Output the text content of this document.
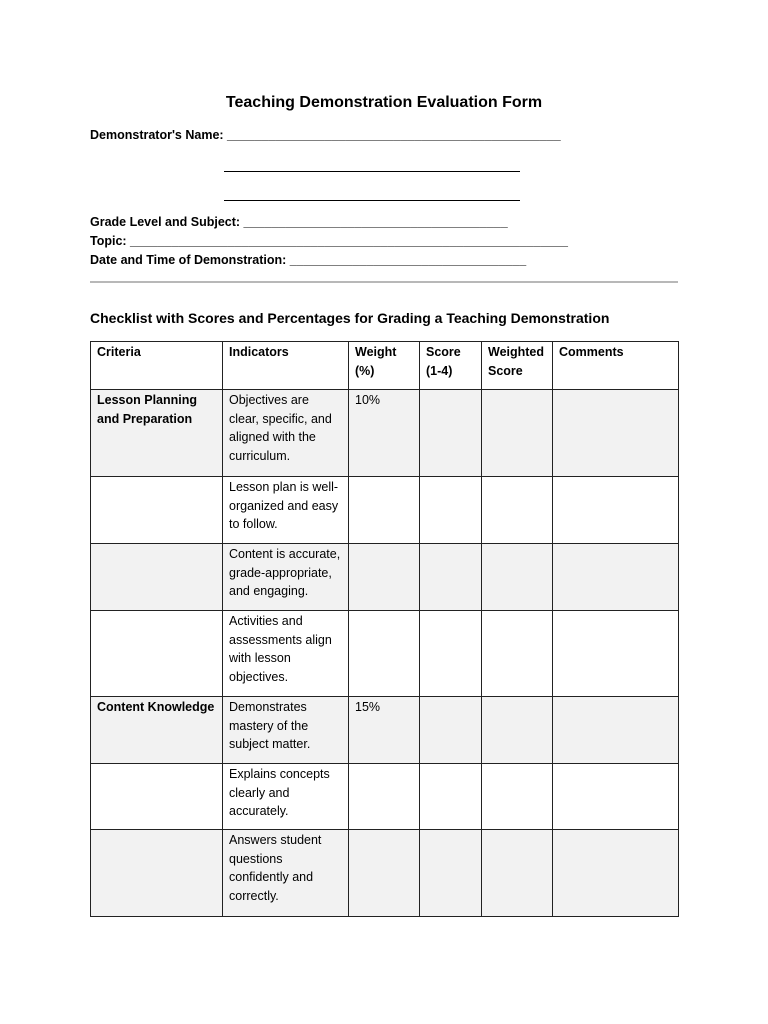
Teaching Demonstration Evaluation Form
Demonstrator's Name: ________________________________________________
Grade Level and Subject: ______________________________________
Topic: _______________________________________________________________
Date and Time of Demonstration: __________________________________
Checklist with Scores and Percentages for Grading a Teaching Demonstration
Criteria	Indicators	Weight (%)	Score (1-4)	Weighted Score	Comments
Lesson Planning and Preparation	Objectives are clear, specific, and aligned with the curriculum.	10%			
	Lesson plan is well-organized and easy to follow.				
	Content is accurate, grade-appropriate, and engaging.				
	Activities and assessments align with lesson objectives.				
Content Knowledge	Demonstrates mastery of the subject matter.	15%			
	Explains concepts clearly and accurately.				
	Answers student questions confidently and correctly.				
